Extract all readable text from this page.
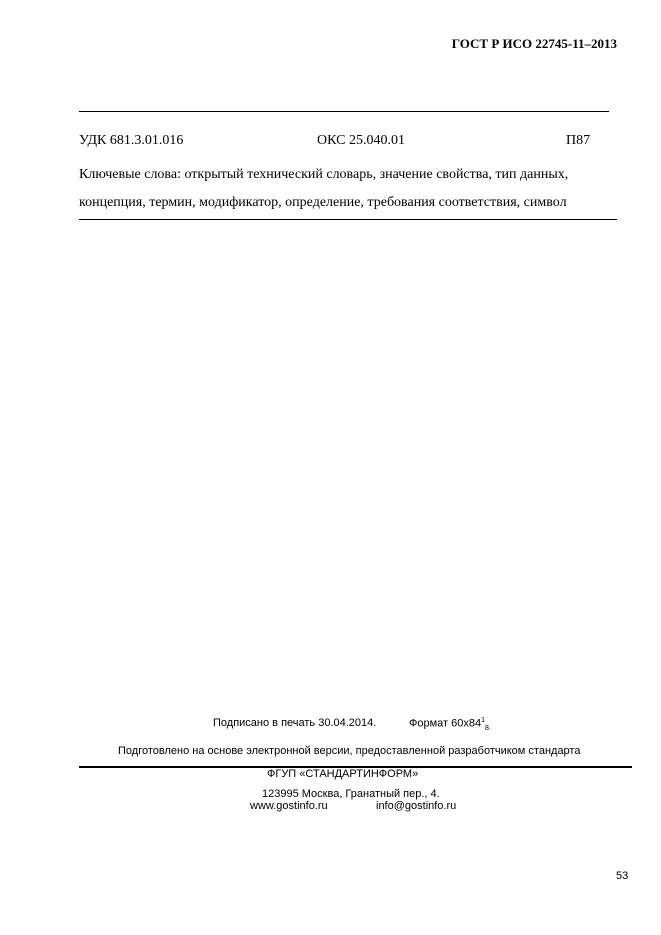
ГОСТ Р ИСО 22745-11–2013
УДК 681.3.01.016	ОКС 25.040.01	П87
Ключевые слова: открытый технический словарь, значение свойства, тип данных,
концепция, термин, модификатор, определение, требования соответствия, символ
Подписано в печать 30.04.2014.	Формат $60x84^1_{8.}$
Подготовлено на основе электронной версии, предоставленной разработчиком стандарта
ФГУП «СТАНДАРТИНФОРМ»
123995 Москва, Гранатный пер., 4.
www.gostinfo.ru	info@gostinfo.ru
53
